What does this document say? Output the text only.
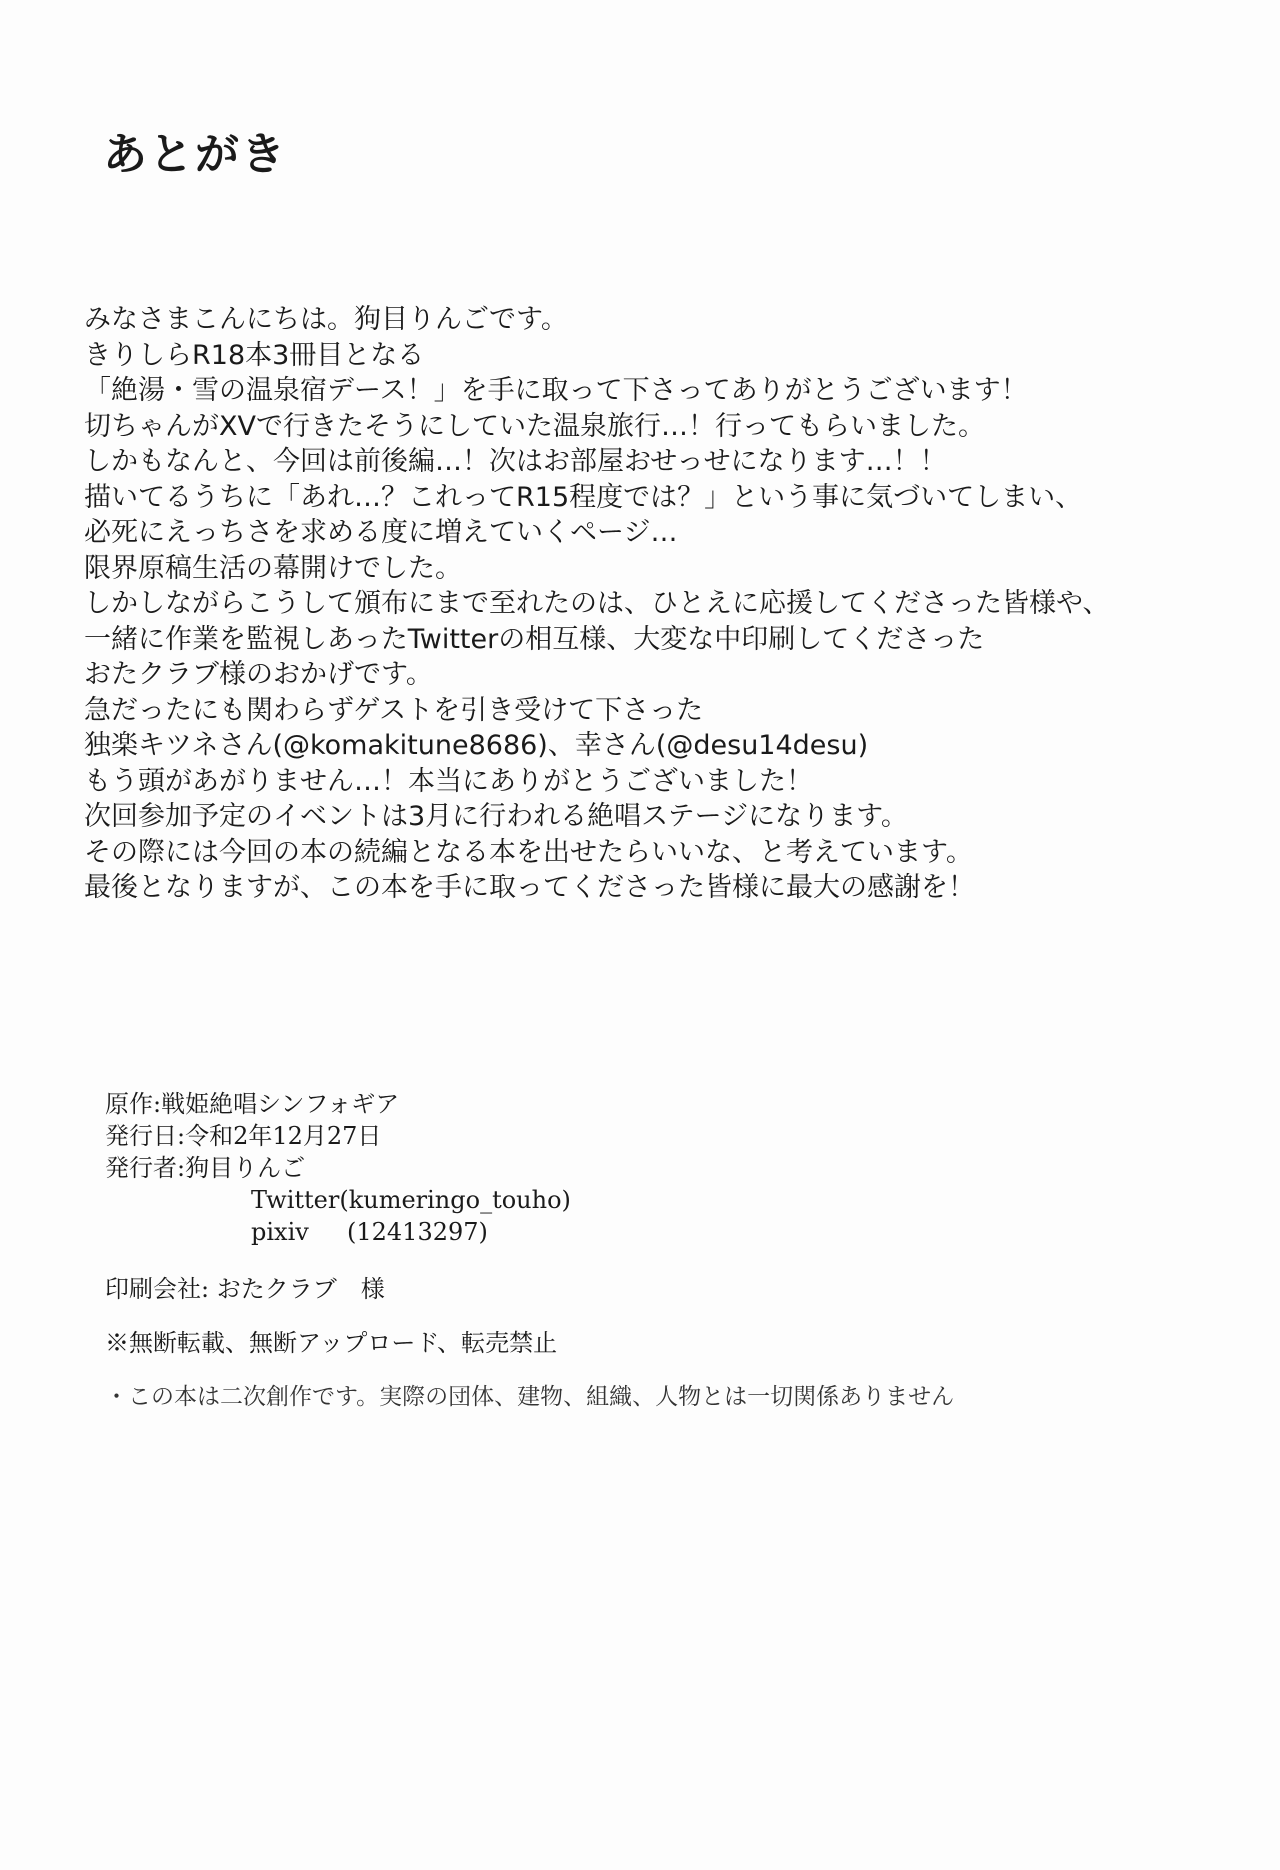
あとがき
みなさまこんにちは。狗目りんごです。
きりしらR18本3冊目となる
「絶湯・雪の温泉宿デース！」を手に取って下さってありがとうございます！
切ちゃんがXVで行きたそうにしていた温泉旅行…！行ってもらいました。
しかもなんと、今回は前後編…！次はお部屋おせっせになります…！！
描いてるうちに「あれ…？これってR15程度では？」という事に気づいてしまい、
必死にえっちさを求める度に増えていくページ…
限界原稿生活の幕開けでした。
しかしながらこうして頒布にまで至れたのは、ひとえに応援してくださった皆様や、
一緒に作業を監視しあったTwitterの相互様、大変な中印刷してくださった
おたクラブ様のおかげです。
急だったにも関わらずゲストを引き受けて下さった
独楽キツネさん(@komakitune8686)、幸さん(@desu14desu)
もう頭があがりません…！本当にありがとうございました！
次回参加予定のイベントは3月に行われる絶唱ステージになります。
その際には今回の本の続編となる本を出せたらいいな、と考えています。
最後となりますが、この本を手に取ってくださった皆様に最大の感謝を！
原作:戦姫絶唱シンフォギア
発行日:令和2年12月27日
発行者:狗目りんご
Twitter(kumeringo_touho)
pixiv (12413297)
印刷会社: おたクラブ　様
※無断転載、無断アップロード、転売禁止
・この本は二次創作です。実際の団体、建物、組織、人物とは一切関係ありません
